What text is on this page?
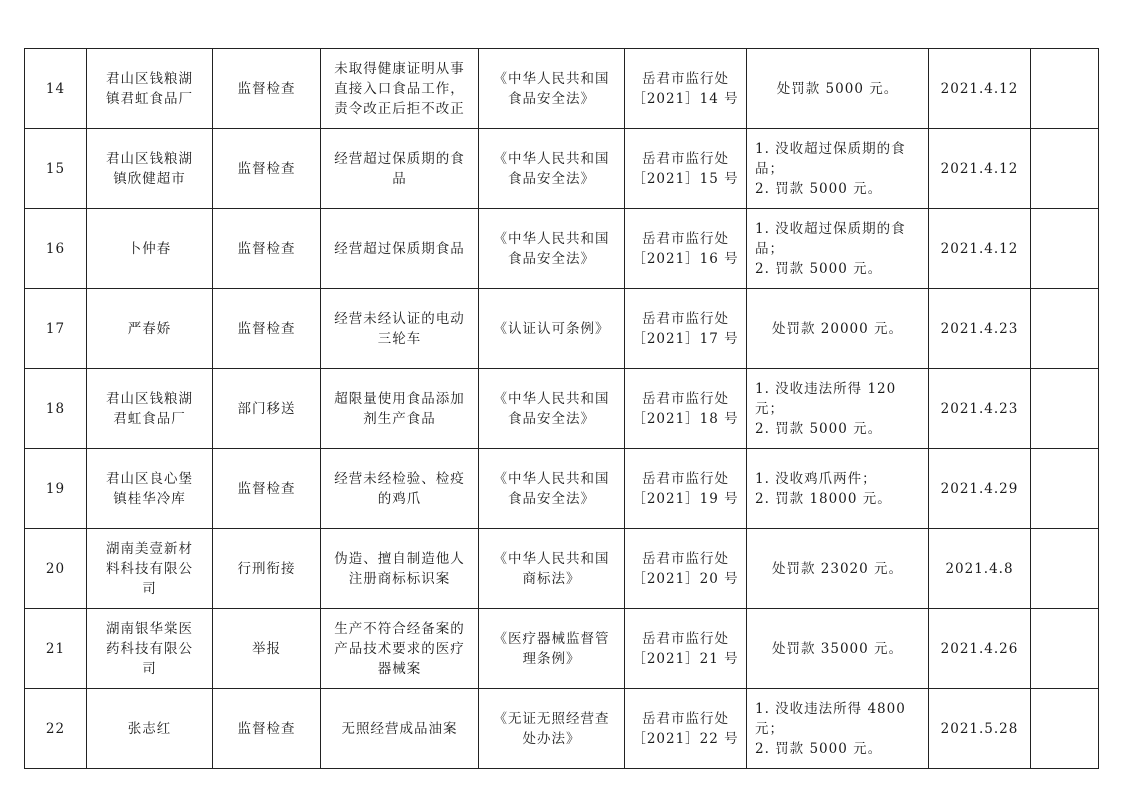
14	君山区钱粮湖
镇君虹食品厂	监督检查	未取得健康证明从事
直接入口食品工作，
责令改正后拒不改正	《中华人民共和国
食品安全法》	岳君市监行处
［2021］14 号	处罚款 5000 元。	2021.4.12	
15	君山区钱粮湖
镇欣健超市	监督检查	经营超过保质期的食
品	《中华人民共和国
食品安全法》	岳君市监行处
［2021］15 号	1. 没收超过保质期的食
品；
2. 罚款 5000 元。	2021.4.12	
16	卜仲春	监督检查	经营超过保质期食品	《中华人民共和国
食品安全法》	岳君市监行处
［2021］16 号	1. 没收超过保质期的食
品；
2. 罚款 5000 元。	2021.4.12	
17	严春娇	监督检查	经营未经认证的电动
三轮车	《认证认可条例》	岳君市监行处
［2021］17 号	处罚款 20000 元。	2021.4.23	
18	君山区钱粮湖
君虹食品厂	部门移送	超限量使用食品添加
剂生产食品	《中华人民共和国
食品安全法》	岳君市监行处
［2021］18 号	1. 没收违法所得 120
元；
2. 罚款 5000 元。	2021.4.23	
19	君山区良心堡
镇桂华冷库	监督检查	经营未经检验、检疫
的鸡爪	《中华人民共和国
食品安全法》	岳君市监行处
［2021］19 号	1. 没收鸡爪两件；
2. 罚款 18000 元。	2021.4.29	
20	湖南美壹新材
料科技有限公
司	行刑衔接	伪造、擅自制造他人
注册商标标识案	《中华人民共和国
商标法》	岳君市监行处
［2021］20 号	处罚款 23020 元。	2021.4.8	
21	湖南银华棠医
药科技有限公
司	举报	生产不符合经备案的
产品技术要求的医疗
器械案	《医疗器械监督管
理条例》	岳君市监行处
［2021］21 号	处罚款 35000 元。	2021.4.26	
22	张志红	监督检查	无照经营成品油案	《无证无照经营查
处办法》	岳君市监行处
［2021］22 号	1. 没收违法所得 4800
元；
2. 罚款 5000 元。	2021.5.28	
